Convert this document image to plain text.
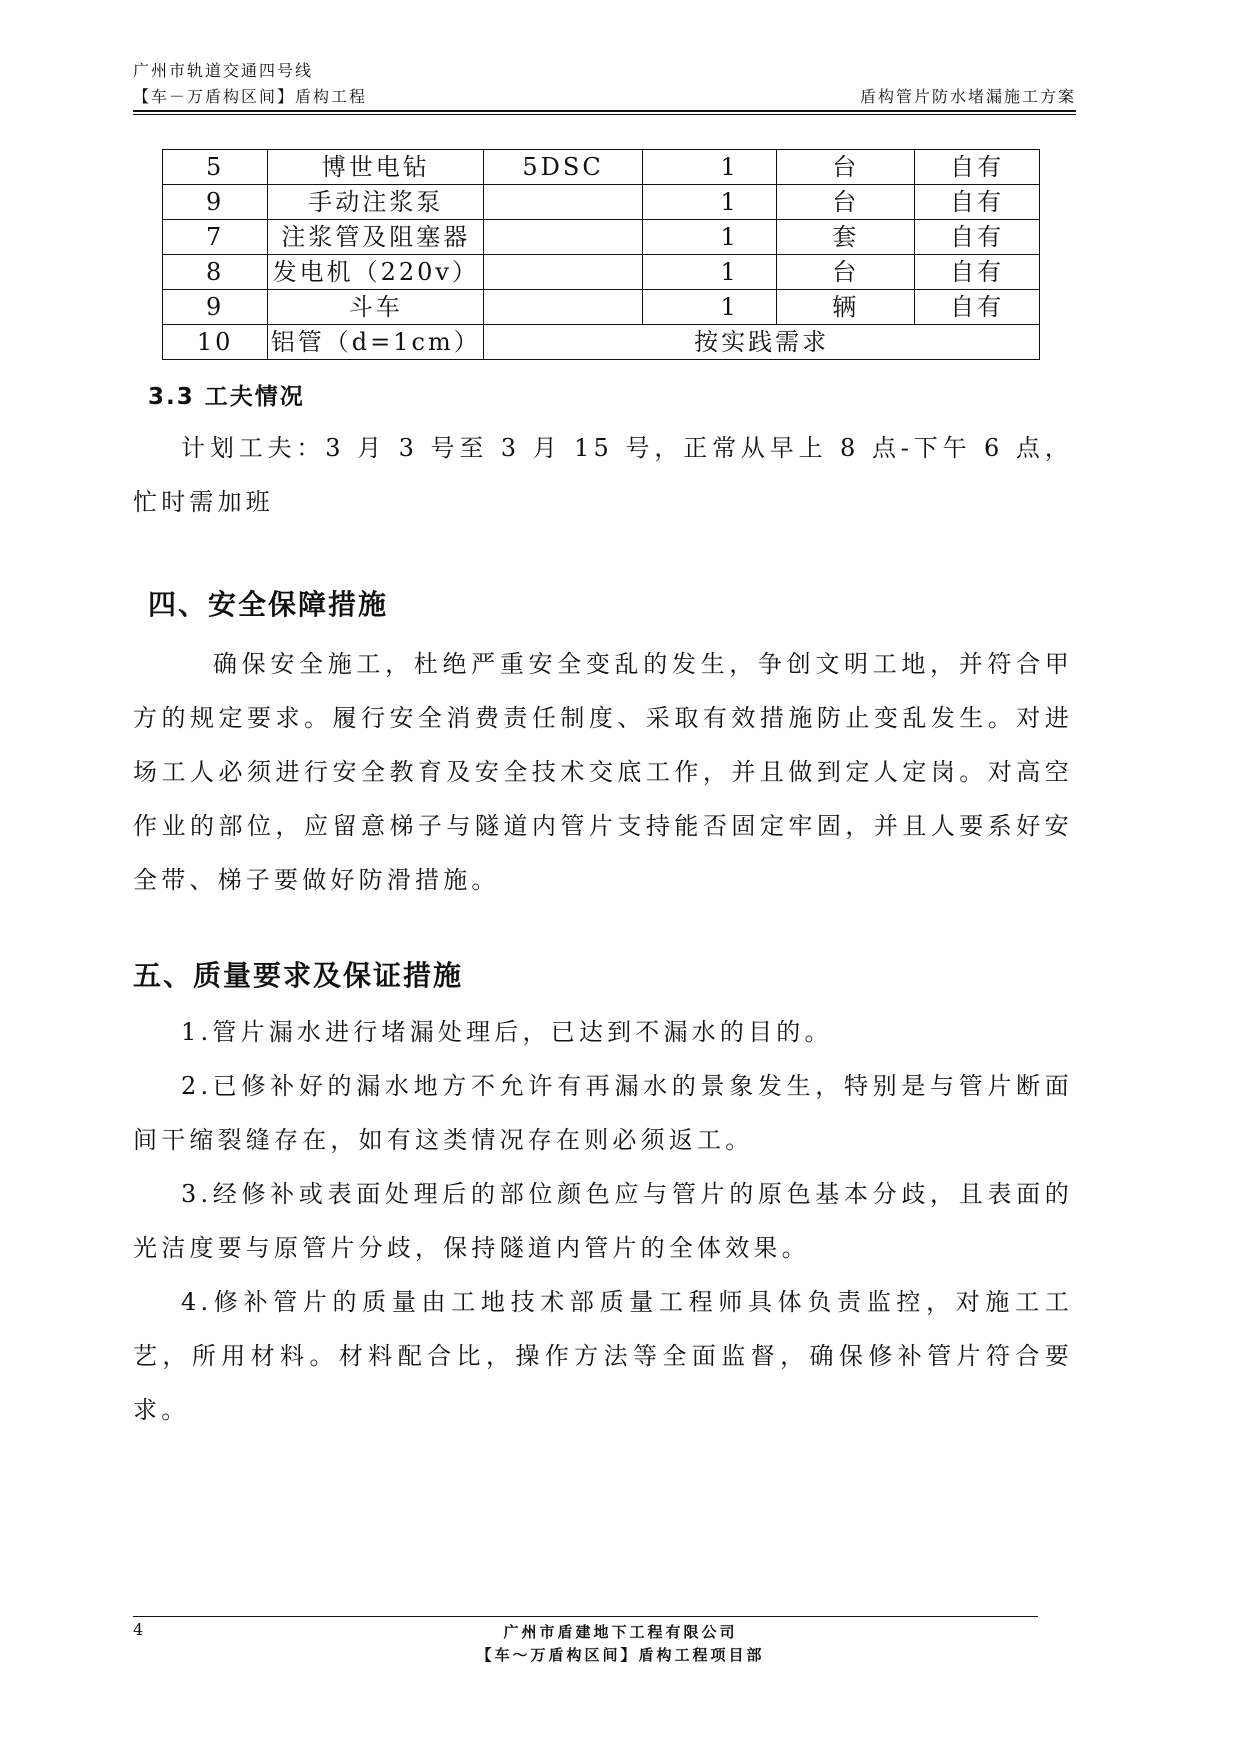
广州市轨道交通四号线
【车－万盾构区间】盾构工程	盾构管片防水堵漏施工方案
5	博世电钻	5DSC	1	台	自有
9	手动注浆泵		1	台	自有
7	注浆管及阻塞器		1	套	自有
8	发电机（220v）		1	台	自有
9	斗车		1	辆	自有
10	铝管（d=1cm）	按实践需求			
3.3 工夫情况
计划工夫：3 月 3 号至 3 月 15 号，正常从早上 8 点-下午 6 点，忙时需加班
四、安全保障措施
确保安全施工，杜绝严重安全变乱的发生，争创文明工地，并符合甲方的规定要求。履行安全消费责任制度、采取有效措施防止变乱发生。对进场工人必须进行安全教育及安全技术交底工作，并且做到定人定岗。对高空作业的部位，应留意梯子与隧道内管片支持能否固定牢固，并且人要系好安全带、梯子要做好防滑措施。
五、质量要求及保证措施
1.管片漏水进行堵漏处理后，已达到不漏水的目的。
2.已修补好的漏水地方不允许有再漏水的景象发生，特别是与管片断面间干缩裂缝存在，如有这类情况存在则必须返工。
3.经修补或表面处理后的部位颜色应与管片的原色基本分歧，且表面的光洁度要与原管片分歧，保持隧道内管片的全体效果。
4.修补管片的质量由工地技术部质量工程师具体负责监控，对施工工艺，所用材料。材料配合比，操作方法等全面监督，确保修补管片符合要求。
4	广州市盾建地下工程有限公司
【车～万盾构区间】盾构工程项目部
